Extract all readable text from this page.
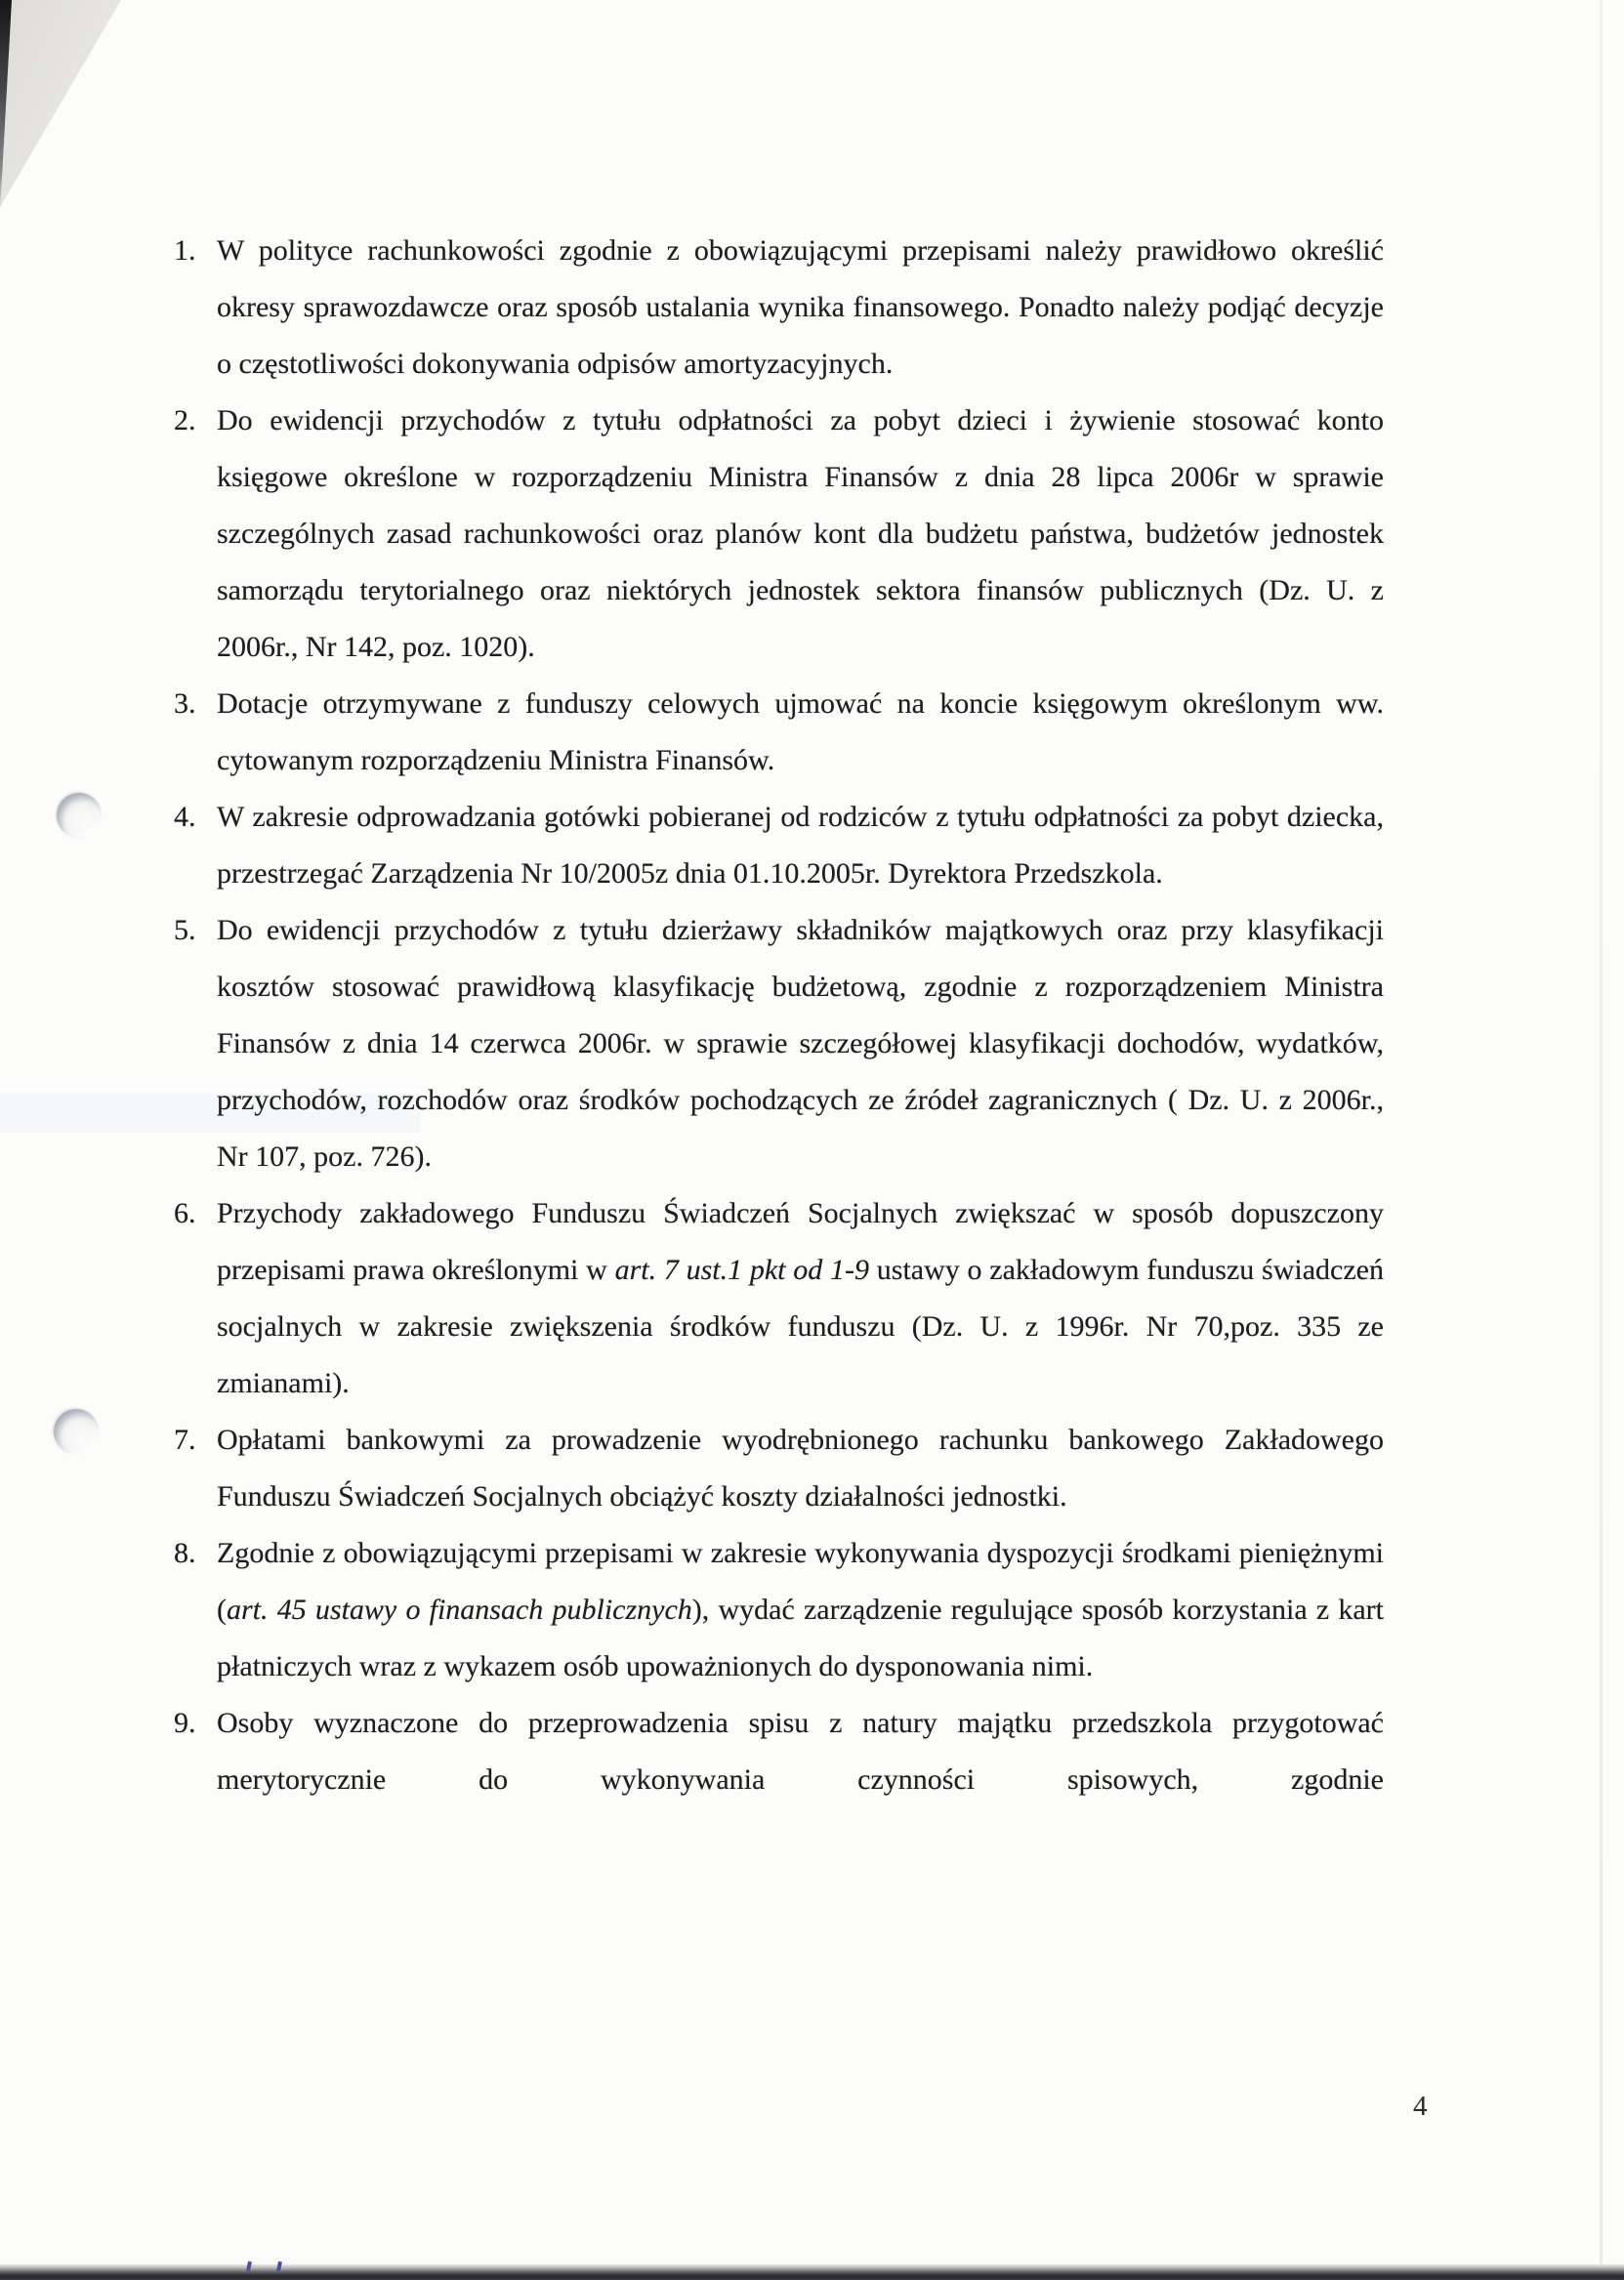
1. W polityce rachunkowości zgodnie z obowiązującymi przepisami należy prawidłowo określić okresy sprawozdawcze oraz sposób ustalania wynika finansowego. Ponadto należy podjąć decyzje o częstotliwości dokonywania odpisów amortyzacyjnych.
2. Do ewidencji przychodów z tytułu odpłatności za pobyt dzieci i żywienie stosować konto księgowe określone w rozporządzeniu Ministra Finansów z dnia 28 lipca 2006r w sprawie szczególnych zasad rachunkowości oraz planów kont dla budżetu państwa, budżetów jednostek samorządu terytorialnego oraz niektórych jednostek sektora finansów publicznych (Dz. U. z 2006r., Nr 142, poz. 1020).
3. Dotacje otrzymywane z funduszy celowych ujmować na koncie księgowym określonym ww. cytowanym rozporządzeniu Ministra Finansów.
4. W zakresie odprowadzania gotówki pobieranej od rodziców z tytułu odpłatności za pobyt dziecka, przestrzegać Zarządzenia Nr 10/2005z dnia 01.10.2005r. Dyrektora Przedszkola.
5. Do ewidencji przychodów z tytułu dzierżawy składników majątkowych oraz przy klasyfikacji kosztów stosować prawidłową klasyfikację budżetową, zgodnie z rozporządzeniem Ministra Finansów z dnia 14 czerwca 2006r. w sprawie szczegółowej klasyfikacji dochodów, wydatków, przychodów, rozchodów oraz środków pochodzących ze źródeł zagranicznych ( Dz. U. z 2006r., Nr 107, poz. 726).
6. Przychody zakładowego Funduszu Świadczeń Socjalnych zwiększać w sposób dopuszczony przepisami prawa określonymi w art. 7 ust.1 pkt od 1-9 ustawy o zakładowym funduszu świadczeń socjalnych w zakresie zwiększenia środków funduszu (Dz. U. z 1996r. Nr 70,poz. 335 ze zmianami).
7. Opłatami bankowymi za prowadzenie wyodrębnionego rachunku bankowego Zakładowego Funduszu Świadczeń Socjalnych obciążyć koszty działalności jednostki.
8. Zgodnie z obowiązującymi przepisami w zakresie wykonywania dyspozycji środkami pieniężnymi (art. 45 ustawy o finansach publicznych), wydać zarządzenie regulujące sposób korzystania z kart płatniczych wraz z wykazem osób upoważnionych do dysponowania nimi.
9. Osoby wyznaczone do przeprowadzenia spisu z natury majątku przedszkola przygotować merytorycznie do wykonywania czynności spisowych, zgodnie
4
